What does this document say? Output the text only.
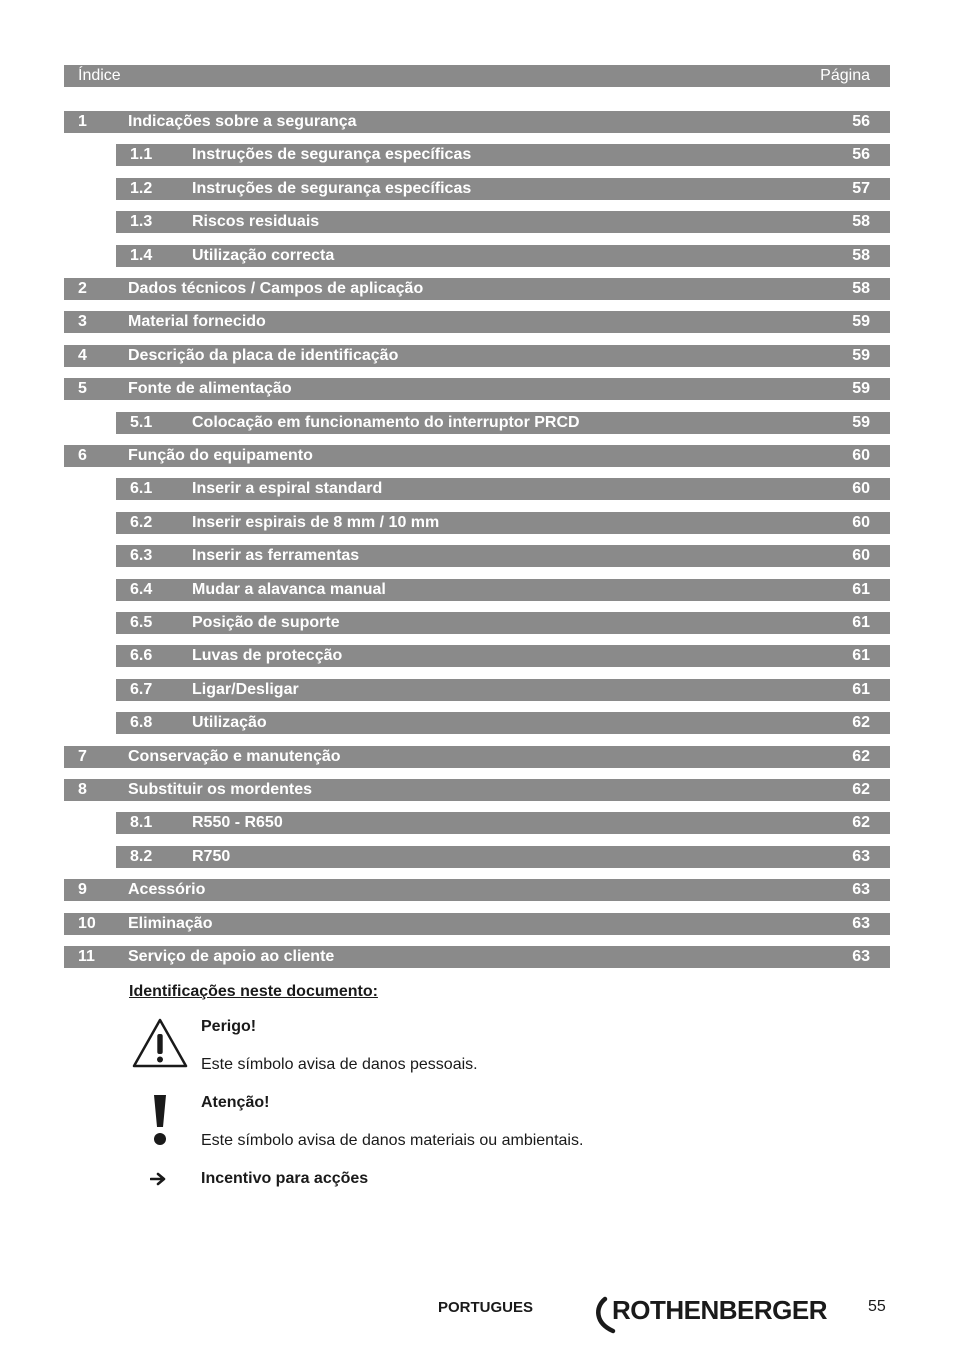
Índice	Página
1	Indicações sobre a segurança	56
1.1 Instruções de segurança específicas	56
1.2 Instruções de segurança específicas	57
1.3 Riscos residuais	58
1.4 Utilização correcta	58
2	Dados técnicos / Campos de aplicação	58
3	Material fornecido	59
4	Descrição da placa de identificação	59
5	Fonte de alimentação	59
5.1 Colocação em funcionamento do interruptor PRCD	59
6	Função do equipamento	60
6.1 Inserir a espiral standard	60
6.2 Inserir espirais de 8 mm / 10 mm	60
6.3 Inserir as ferramentas	60
6.4 Mudar a alavanca manual	61
6.5 Posição de suporte	61
6.6 Luvas de protecção	61
6.7 Ligar/Desligar	61
6.8 Utilização	62
7	Conservação e manutenção	62
8	Substituir os mordentes	62
8.1 R550 - R650	62
8.2 R750	63
9	Acessório	63
10 Eliminação	63
11 Serviço de apoio ao cliente	63
Identificações neste documento:
Perigo!
Este símbolo avisa de danos pessoais.
Atenção!
Este símbolo avisa de danos materiais ou ambientais.
Incentivo para acções
PORTUGUES	ROTHENBERGER	55
